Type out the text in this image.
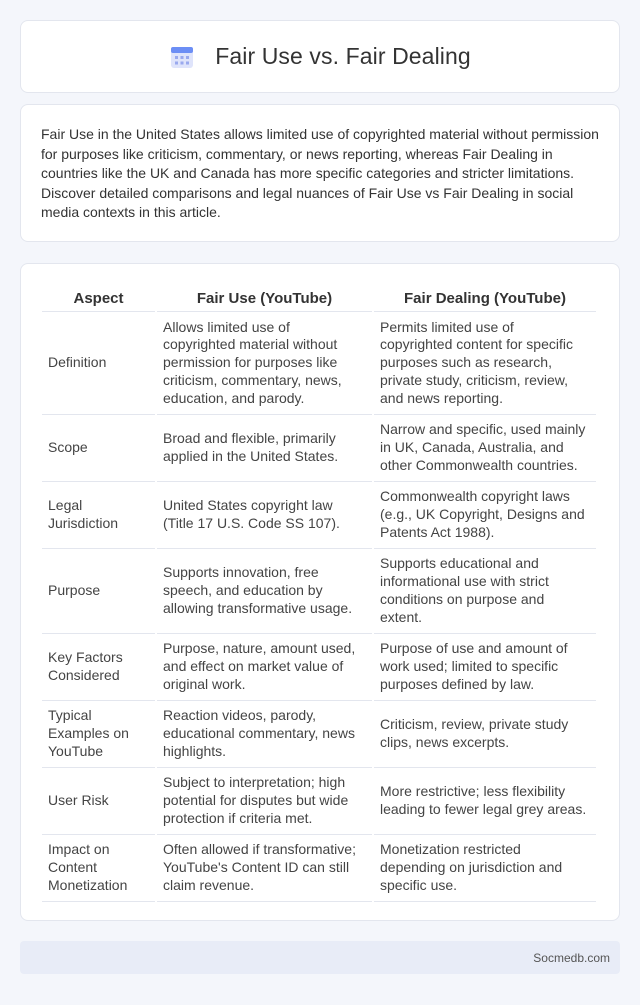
Fair Use vs. Fair Dealing

Fair Use in the United States allows limited use of copyrighted material without permission for purposes like criticism, commentary, or news reporting, whereas Fair Dealing in countries like the UK and Canada has more specific categories and stricter limitations. Discover detailed comparisons and legal nuances of Fair Use vs Fair Dealing in social media contexts in this article.

Aspect	Fair Use (YouTube)	Fair Dealing (YouTube)
Definition	Allows limited use of copyrighted material without permission for purposes like criticism, commentary, news, education, and parody.	Permits limited use of copyrighted content for specific purposes such as research, private study, criticism, review, and news reporting.
Scope	Broad and flexible, primarily applied in the United States.	Narrow and specific, used mainly in UK, Canada, Australia, and other Commonwealth countries.
Legal Jurisdiction	United States copyright law (Title 17 U.S. Code SS 107).	Commonwealth copyright laws (e.g., UK Copyright, Designs and Patents Act 1988).
Purpose	Supports innovation, free speech, and education by allowing transformative usage.	Supports educational and informational use with strict conditions on purpose and extent.
Key Factors Considered	Purpose, nature, amount used, and effect on market value of original work.	Purpose of use and amount of work used; limited to specific purposes defined by law.
Typical Examples on YouTube	Reaction videos, parody, educational commentary, news highlights.	Criticism, review, private study clips, news excerpts.
User Risk	Subject to interpretation; high potential for disputes but wide protection if criteria met.	More restrictive; less flexibility leading to fewer legal grey areas.
Impact on Content Monetization	Often allowed if transformative; YouTube's Content ID can still claim revenue.	Monetization restricted depending on jurisdiction and specific use.
Socmedb.com
